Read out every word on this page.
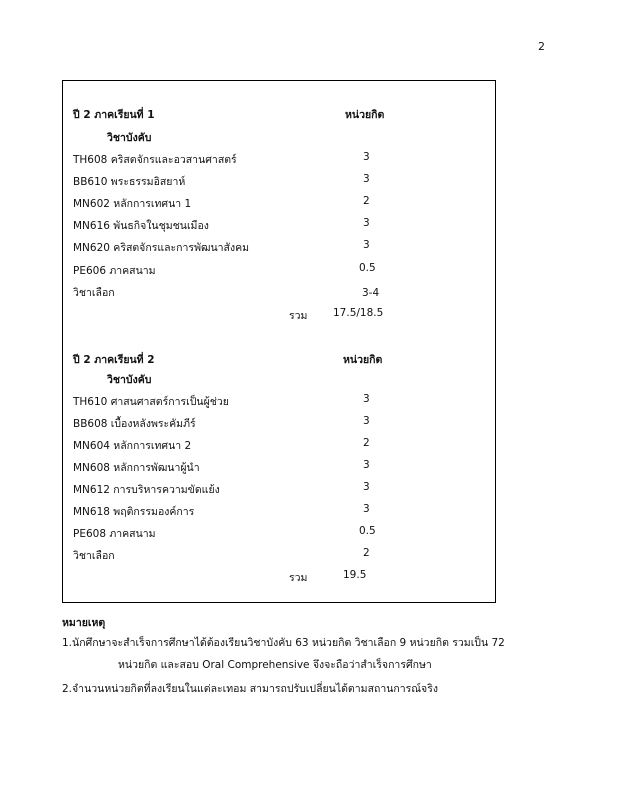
2
ปี 2 ภาคเรียนที่ 1	หน่วยกิต
วิชาบังคับ
TH608 คริสตจักรและอวสานศาสตร์	3
BB610 พระธรรมอิสยาห์	3
MN602 หลักการเทศนา 1	2
MN616 พันธกิจในชุมชนเมือง	3
MN620 คริสตจักรและการพัฒนาสังคม	3
PE606 ภาคสนาม	0.5
วิชาเลือก	3-4
รวม 17.5/18.5
ปี 2 ภาคเรียนที่ 2	หน่วยกิต
วิชาบังคับ
TH610 ศาสนศาสตร์การเป็นผู้ช่วย	3
BB608 เบื้องหลังพระคัมภีร์	3
MN604 หลักการเทศนา 2	2
MN608 หลักการพัฒนาผู้นำ	3
MN612 การบริหารความขัดแย้ง	3
MN618 พฤติกรรมองค์การ	3
PE608 ภาคสนาม	0.5
วิชาเลือก	2
รวม	19.5
หมายเหตุ
1.นักศึกษาจะสำเร็จการศึกษาได้ต้องเรียนวิชาบังคับ 63 หน่วยกิต วิชาเลือก 9 หน่วยกิต รวมเป็น 72
หน่วยกิต และสอบ Oral Comprehensive จึงจะถือว่าสำเร็จการศึกษา
2.จำนวนหน่วยกิตที่ลงเรียนในแต่ละเทอม สามารถปรับเปลี่ยนได้ตามสถานการณ์จริง
